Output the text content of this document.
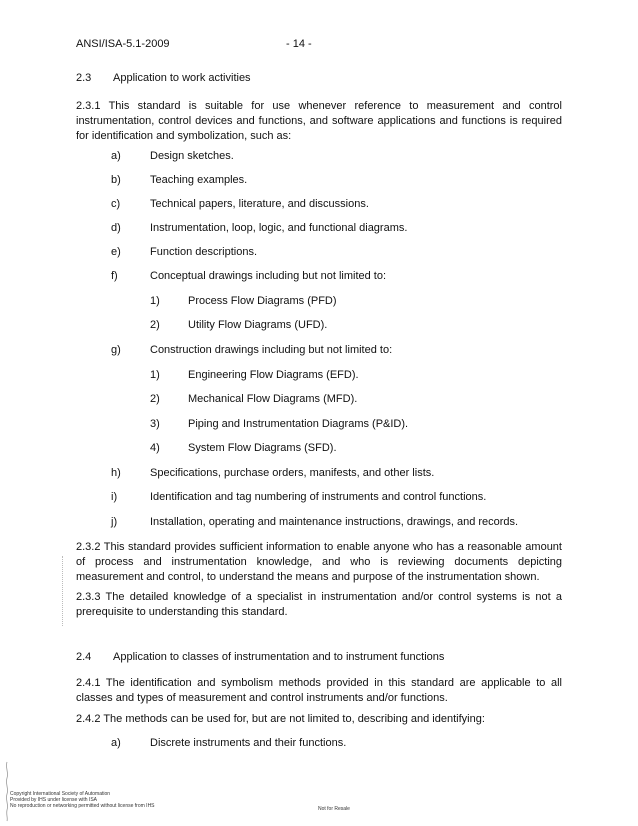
ANSI/ISA-5.1-2009	- 14 -
2.3 Application to work activities
2.3.1 This standard is suitable for use whenever reference to measurement and control instrumentation, control devices and functions, and software applications and functions is required for identification and symbolization, such as:
a)	Design sketches.
b)	Teaching examples.
c)	Technical papers, literature, and discussions.
d)	Instrumentation, loop, logic, and functional diagrams.
e)	Function descriptions.
f)	Conceptual drawings including but not limited to:
1)	Process Flow Diagrams (PFD)
2)	Utility Flow Diagrams (UFD).
g)	Construction drawings including but not limited to:
1)	Engineering Flow Diagrams (EFD).
2)	Mechanical Flow Diagrams (MFD).
3)	Piping and Instrumentation Diagrams (P&ID).
4)	System Flow Diagrams (SFD).
h)	Specifications, purchase orders, manifests, and other lists.
i)	Identification and tag numbering of instruments and control functions.
j)	Installation, operating and maintenance instructions, drawings, and records.
2.3.2 This standard provides sufficient information to enable anyone who has a reasonable amount of process and instrumentation knowledge, and who is reviewing documents depicting measurement and control, to understand the means and purpose of the instrumentation shown.
2.3.3 The detailed knowledge of a specialist in instrumentation and/or control systems is not a prerequisite to understanding this standard.
2.4 Application to classes of instrumentation and to instrument functions
2.4.1 The identification and symbolism methods provided in this standard are applicable to all classes and types of measurement and control instruments and/or functions.
2.4.2 The methods can be used for, but are not limited to, describing and identifying:
a)	Discrete instruments and their functions.
Copyright International Society of Automation
Provided by IHS under license with ISA
No reproduction or networking permitted without license from IHS	Not for Resale
